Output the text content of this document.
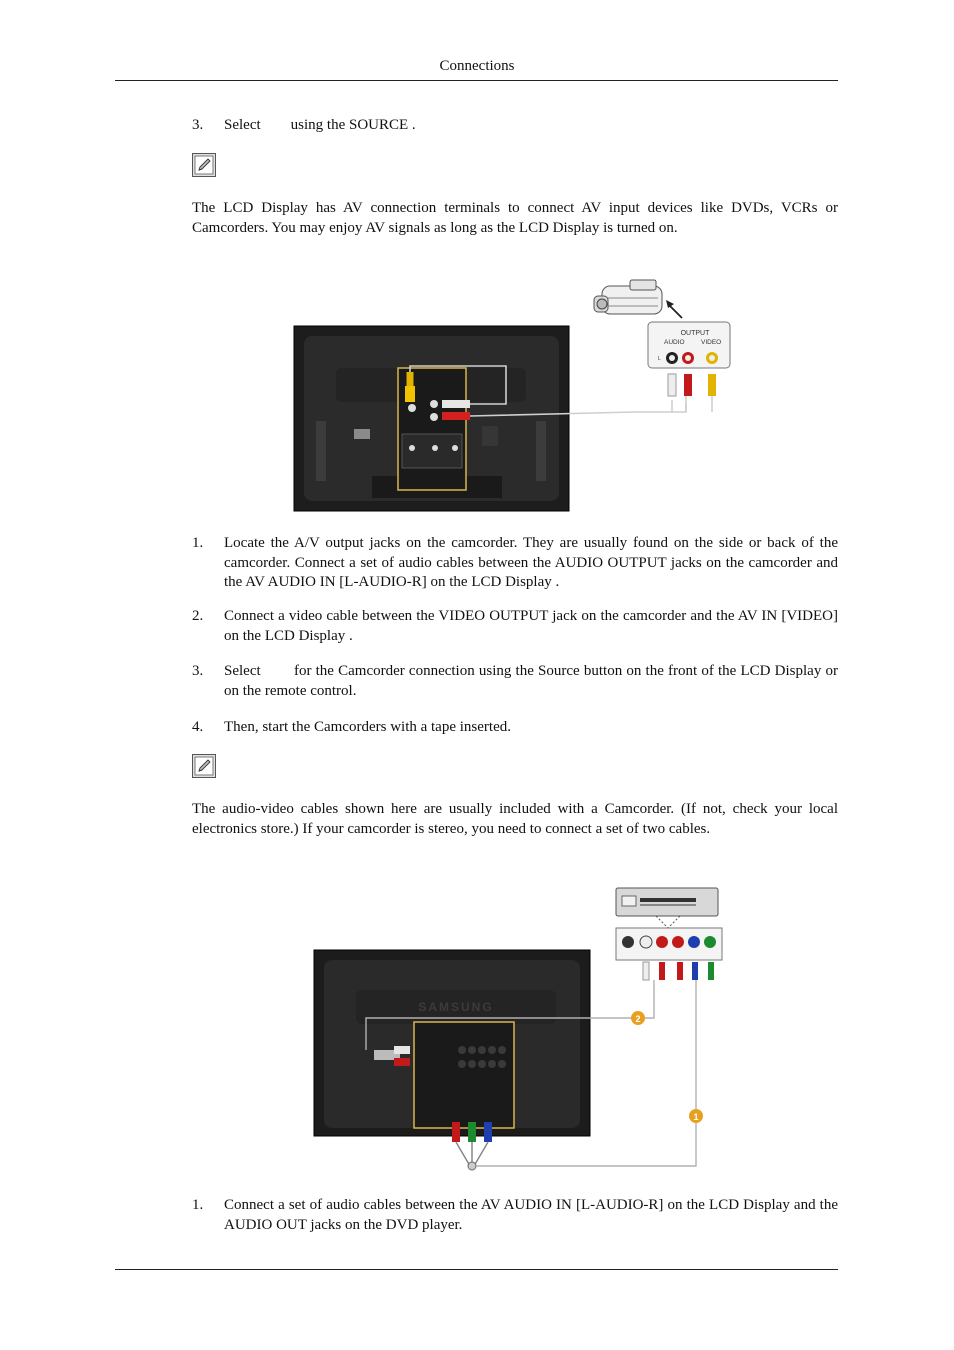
Connections
3.	Select        using the SOURCE .
The LCD Display has AV connection terminals to connect AV input devices like DVDs, VCRs or Camcorders. You may enjoy AV signals as long as the LCD Display is turned on.
OUTPUT
AUDIO	VIDEO
L
1.	Locate the A/V output jacks on the camcorder. They are usually found on the side or back of the camcorder. Connect a set of audio cables between the AUDIO OUTPUT jacks on the camcorder and the AV AUDIO IN [L-AUDIO-R] on the LCD Display .
2.	Connect a video cable between the VIDEO OUTPUT jack on the camcorder and the AV IN [VIDEO] on the LCD Display .
3.	Select        for the Camcorder connection using the Source button on the front of the LCD Display or on the remote control.
4.	Then, start the Camcorders with a tape inserted.
The audio-video cables shown here are usually included with a Camcorder. (If not, check your local electronics store.) If your camcorder is stereo, you need to connect a set of two cables.
SAMSUNG
2
1
1.	Connect a set of audio cables between the AV AUDIO IN [L-AUDIO-R] on the LCD Display and the AUDIO OUT jacks on the DVD player.
